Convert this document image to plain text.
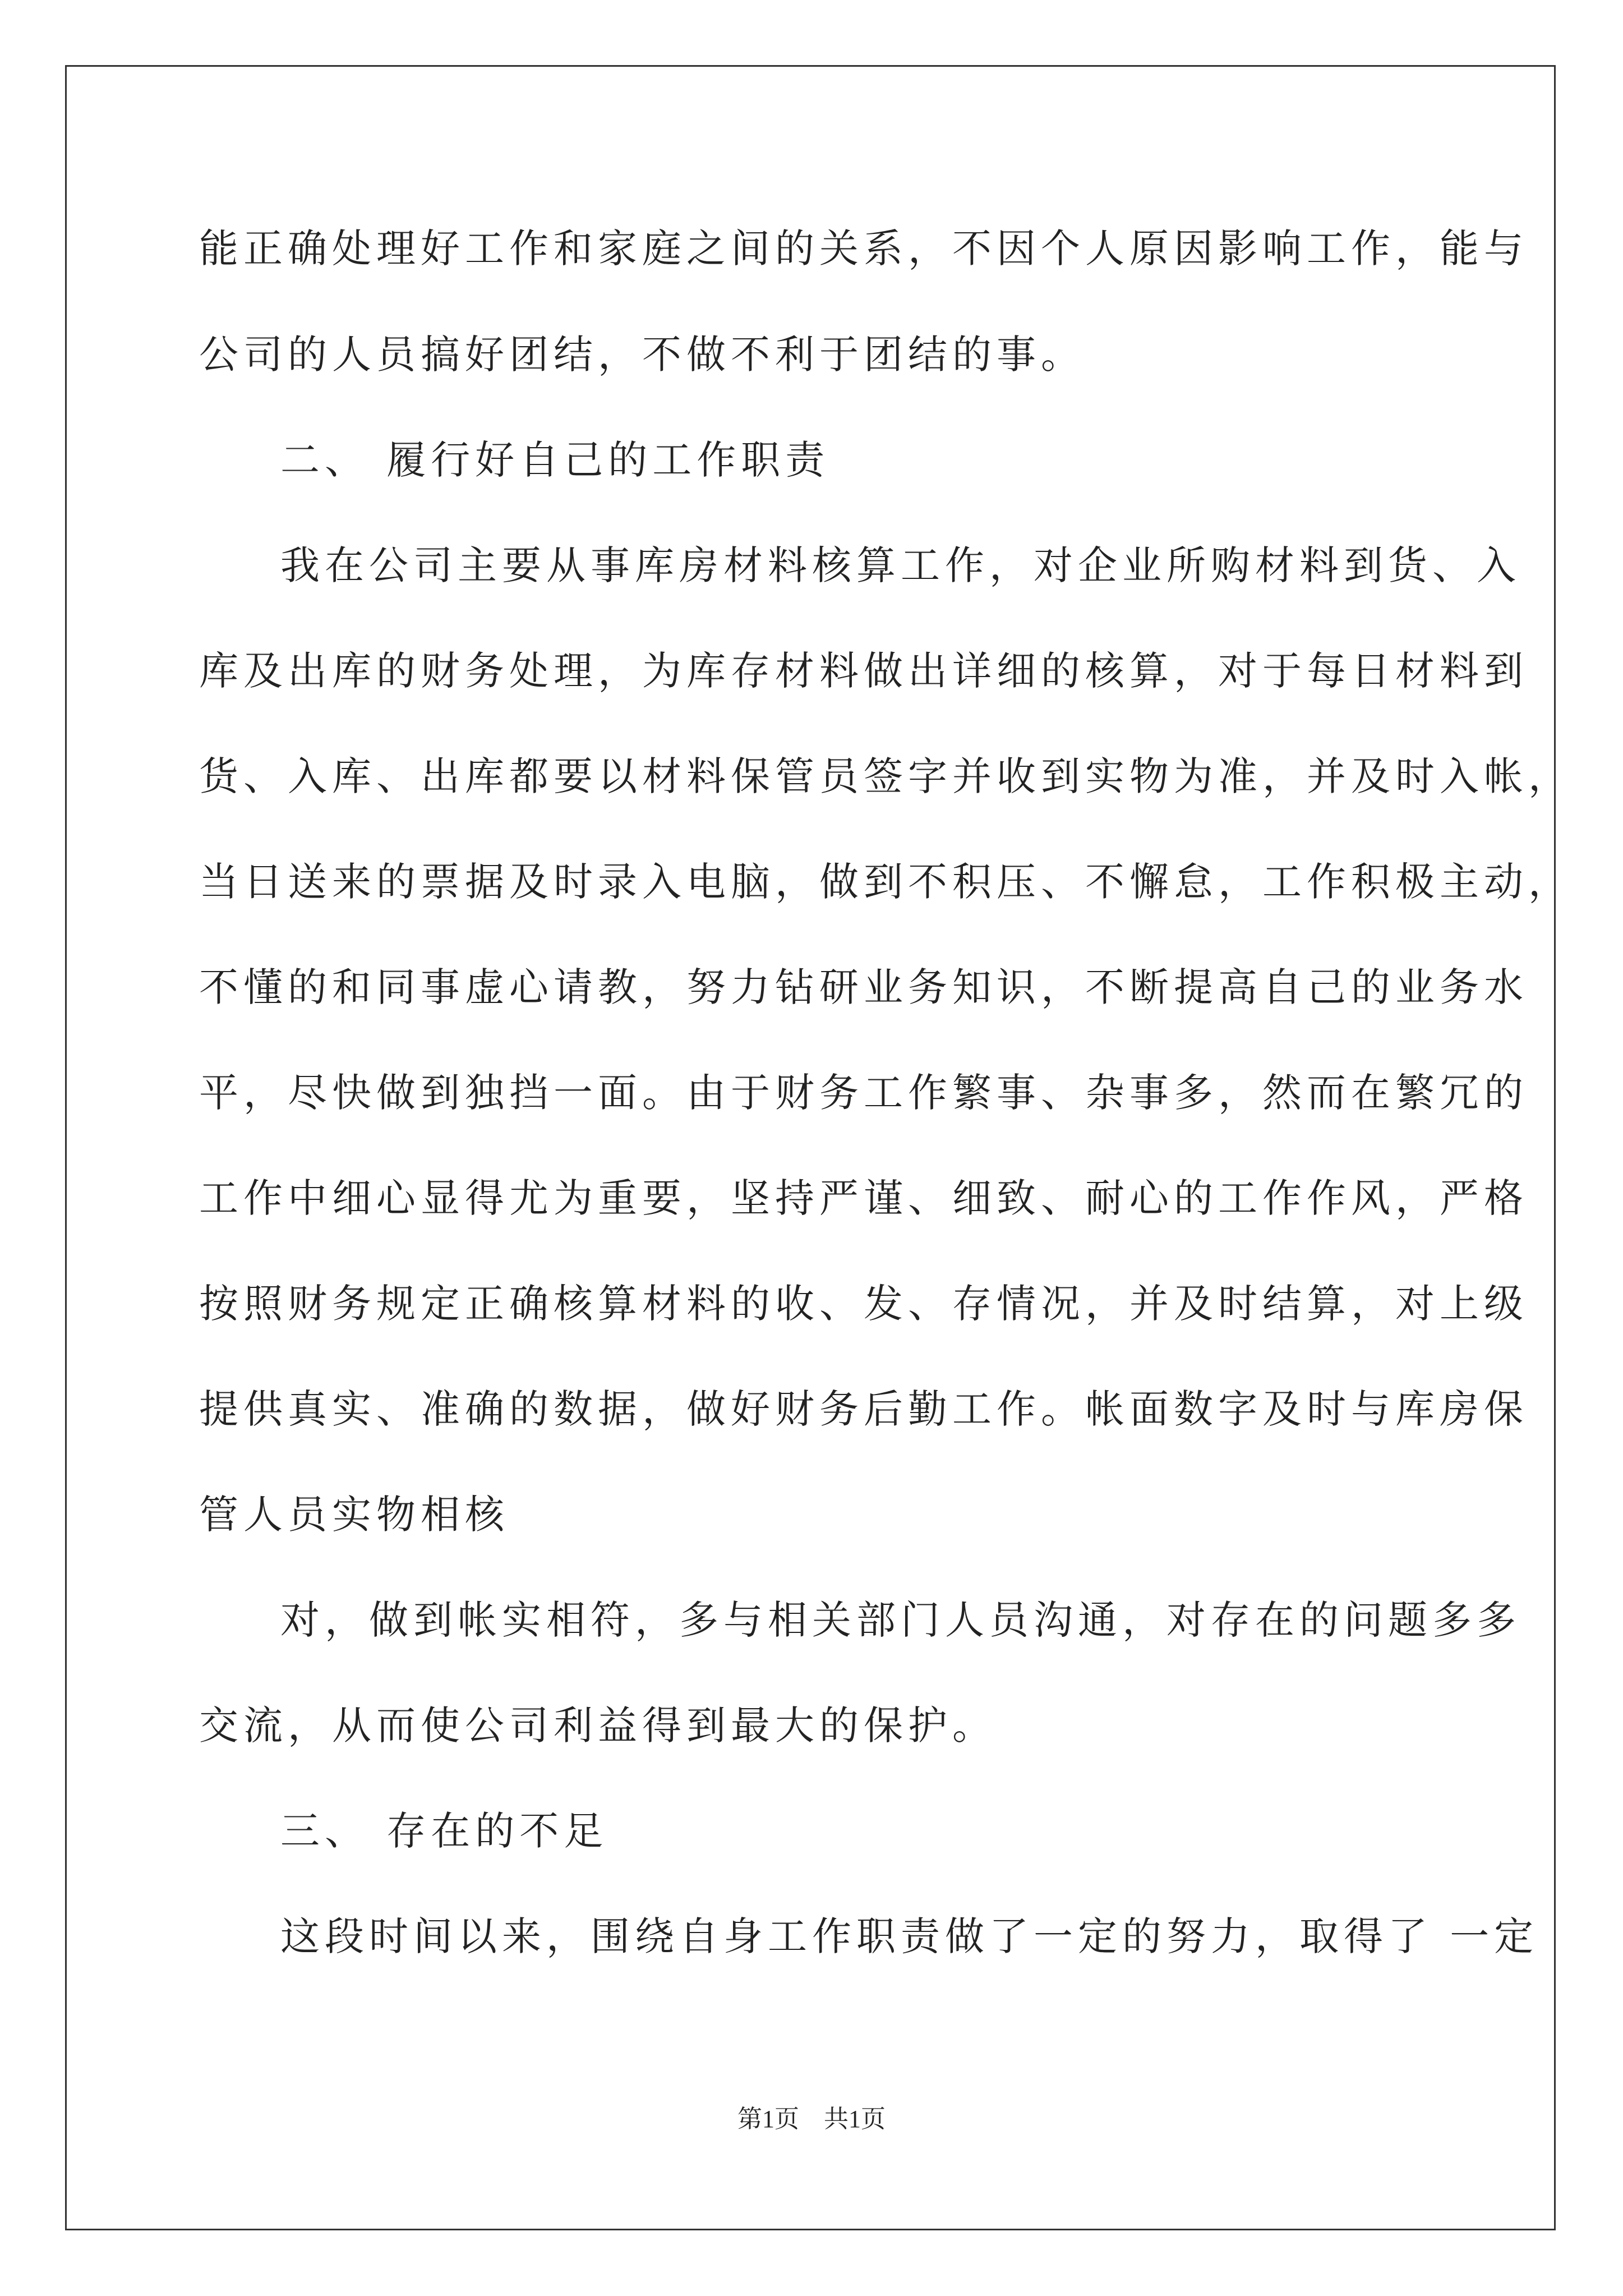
能正确处理好工作和家庭之间的关系，不因个人原因影响工作，能与
公司的人员搞好团结，不做不利于团结的事。
二、 履行好自己的工作职责
我在公司主要从事库房材料核算工作，对企业所购材料到货、入
库及出库的财务处理，为库存材料做出详细的核算，对于每日材料到
货、入库、出库都要以材料保管员签字并收到实物为准，并及时入帐，
当日送来的票据及时录入电脑，做到不积压、不懈怠，工作积极主动，
不懂的和同事虚心请教，努力钻研业务知识，不断提高自己的业务水
平，尽快做到独挡一面。由于财务工作繁事、杂事多，然而在繁冗的
工作中细心显得尤为重要，坚持严谨、细致、耐心的工作作风，严格
按照财务规定正确核算材料的收、发、存情况，并及时结算，对上级
提供真实、准确的数据，做好财务后勤工作。帐面数字及时与库房保
管人员实物相核
对，做到帐实相符，多与相关部门人员沟通，对存在的问题多多
交流，从而使公司利益得到最大的保护。
三、 存在的不足
这段时间以来，围绕自身工作职责做了一定的努力，取得了 一定
第1页    共1页
